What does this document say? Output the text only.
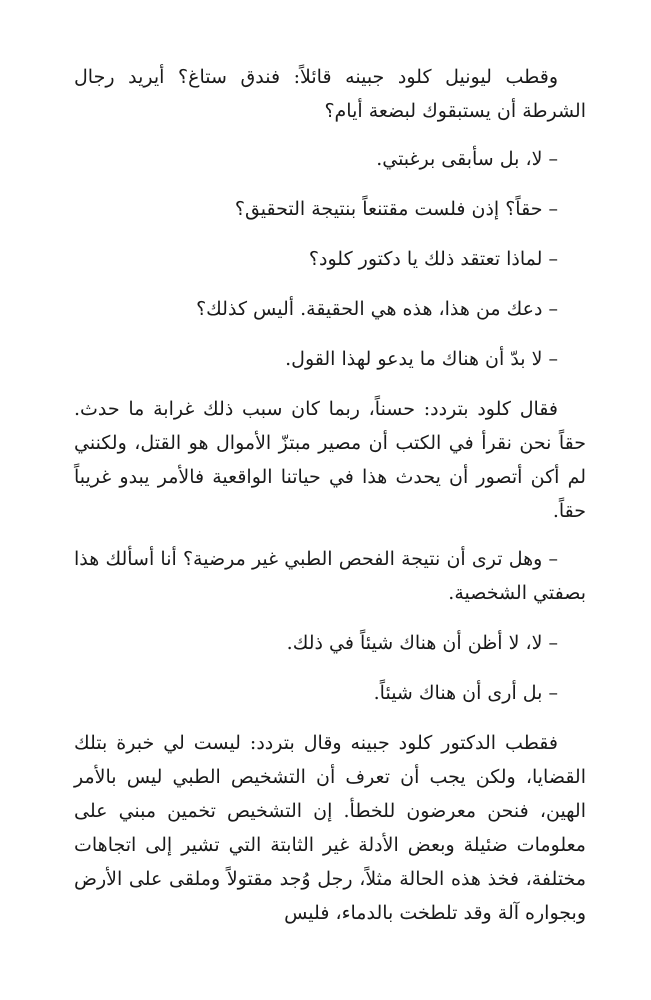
وقطب ليونيل كلود جبينه قائلاً: فندق ستاغ؟ أيريد رجال الشرطة أن يستبقوك لبضعة أيام؟

– لا، بل سأبقى برغبتي.

– حقاً؟ إذن فلست مقتنعاً بنتيجة التحقيق؟

– لماذا تعتقد ذلك يا دكتور كلود؟

– دعك من هذا، هذه هي الحقيقة. أليس كذلك؟

– لا بدّ أن هناك ما يدعو لهذا القول.

فقال كلود بتردد: حسناً، ربما كان سبب ذلك غرابة ما حدث. حقاً نحن نقرأ في الكتب أن مصير مبتزّ الأموال هو القتل، ولكنني لم أكن أتصور أن يحدث هذا في حياتنا الواقعية فالأمر يبدو غريباً حقاً.

– وهل ترى أن نتيجة الفحص الطبي غير مرضية؟ أنا أسألك هذا بصفتي الشخصية.

– لا، لا أظن أن هناك شيئاً في ذلك.

– بل أرى أن هناك شيئاً.

فقطب الدكتور كلود جبينه وقال بتردد: ليست لي خبرة بتلك القضايا، ولكن يجب أن تعرف أن التشخيص الطبي ليس بالأمر الهين، فنحن معرضون للخطأ. إن التشخيص تخمين مبني على معلومات ضئيلة وبعض الأدلة غير الثابتة التي تشير إلى اتجاهات مختلفة، فخذ هذه الحالة مثلاً، رجل وُجد مقتولاً وملقى على الأرض وبجواره آلة وقد تلطخت بالدماء، فليس
